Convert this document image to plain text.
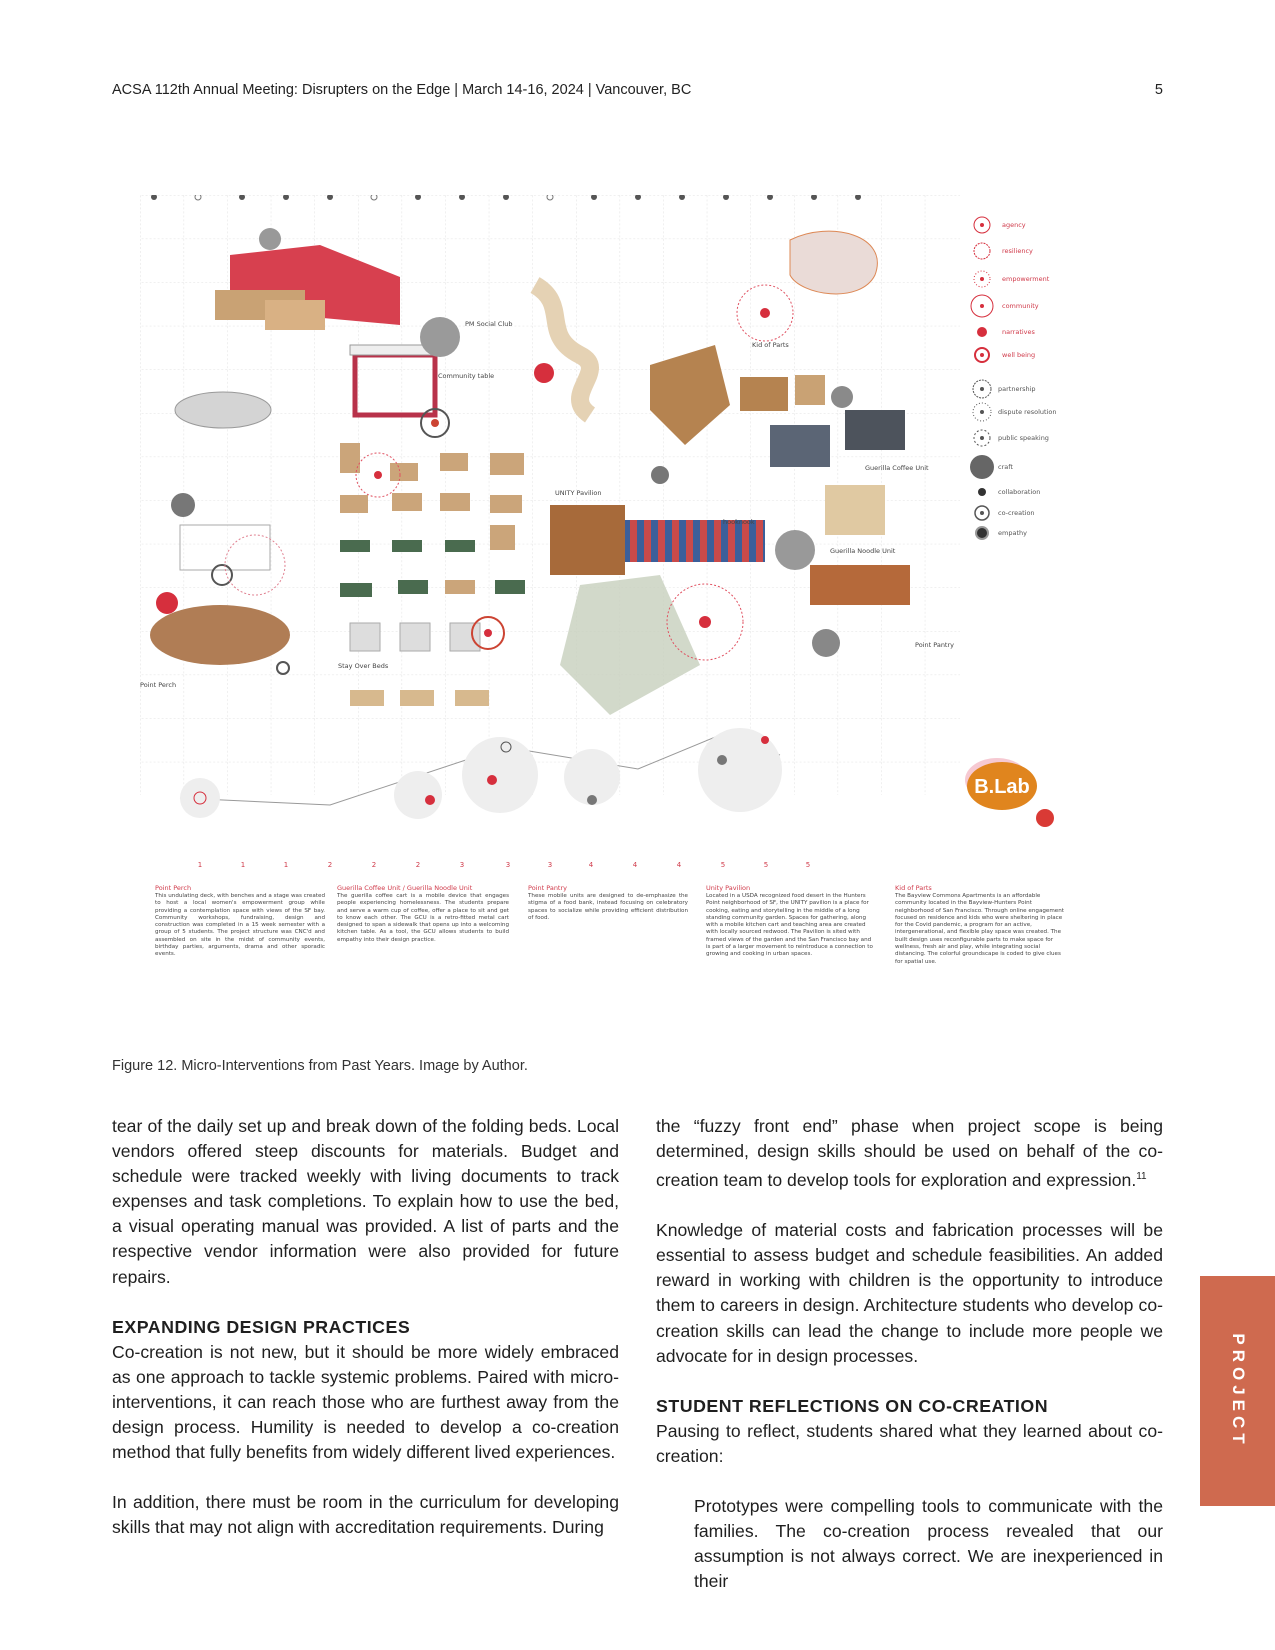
ACSA 112th Annual Meeting: Disrupters on the Edge | March 14-16, 2024 | Vancouver, BC	5
PM Social Club
Community table
Point Perch
Stay Over Beds
UNITY Pavilion
hooknook
Kid of Parts
Guerilla Coffee Unit
Guerilla Noodle Unit
Point Pantry
B.Lab
agency
resiliency
empowerment
community
narratives
well being
partnership
dispute resolution
public speaking
craft
collaboration
co-creation
empathy
1	1	1	2	2	2	3	3	3	4	4	4	5	5	5
Point Perch
This undulating deck, with benches and a stage was created to host a local women's empowerment group while providing a contemplation space with views of the SF bay. Community workshops, fundraising, design and construction was completed in a 15 week semester with a group of 5 students. The project structure was CNC'd and assembled on site in the midst of community events, birthday parties, arguments, drama and other sporadic events.
Guerilla Coffee Unit / Guerilla Noodle Unit
The guerilla coffee cart is a mobile device that engages people experiencing homelessness. The students prepare and serve a warm cup of coffee, offer a place to sit and get to know each other. The GCU is a retro-fitted metal cart designed to span a sidewalk that opens up into a welcoming kitchen table. As a tool, the GCU allows students to build empathy into their design practice.
Point Pantry
These mobile units are designed to de-emphasize the stigma of a food bank, instead focusing on celebratory spaces to socialize while providing efficient distribution of food.
Unity Pavilion
Located in a USDA recognized food desert in the Hunters Point neighborhood of SF, the UNITY pavilion is a place for cooking, eating and storytelling in the middle of a long standing community garden. Spaces for gathering, along with a mobile kitchen cart and teaching area are created with locally sourced redwood. The Pavilion is sited with framed views of the garden and the San Francisco bay and is part of a larger movement to reintroduce a connection to growing and cooking in urban spaces.
Kid of Parts
The Bayview Commons Apartments is an affordable community located in the Bayview-Hunters Point neighborhood of San Francisco. Through online engagement focused on residence and kids who were sheltering in place for the Covid pandemic, a program for an active, intergenerational, and flexible play space was created. The built design uses reconfigurable parts to make space for wellness, fresh air and play, while integrating social distancing. The colorful groundscape is coded to give clues for spatial use.
Figure 12. Micro-Interventions from Past Years. Image by Author.

tear of the daily set up and break down of the folding beds. Local vendors offered steep discounts for materials. Budget and schedule were tracked weekly with living documents to track expenses and task completions. To explain how to use the bed, a visual operating manual was provided. A list of parts and the respective vendor information were also provided for future repairs.

EXPANDING DESIGN PRACTICES

Co-creation is not new, but it should be more widely embraced as one approach to tackle systemic problems. Paired with micro-interventions, it can reach those who are furthest away from the design process. Humility is needed to develop a co-creation method that fully benefits from widely different lived experiences.

In addition, there must be room in the curriculum for developing skills that may not align with accreditation requirements. During

the “fuzzy front end” phase when project scope is being determined, design skills should be used on behalf of the co-creation team to develop tools for exploration and expression.$^{11}$

Knowledge of material costs and fabrication processes will be essential to assess budget and schedule feasibilities. An added reward in working with children is the opportunity to introduce them to careers in design. Architecture students who develop co-creation skills can lead the change to include more people we advocate for in design processes.

STUDENT REFLECTIONS ON CO-CREATION

Pausing to reflect, students shared what they learned about co-creation:

Prototypes were compelling tools to communicate with the families. The co-creation process revealed that our assumption is not always correct. We are inexperienced in their
PROJECT
